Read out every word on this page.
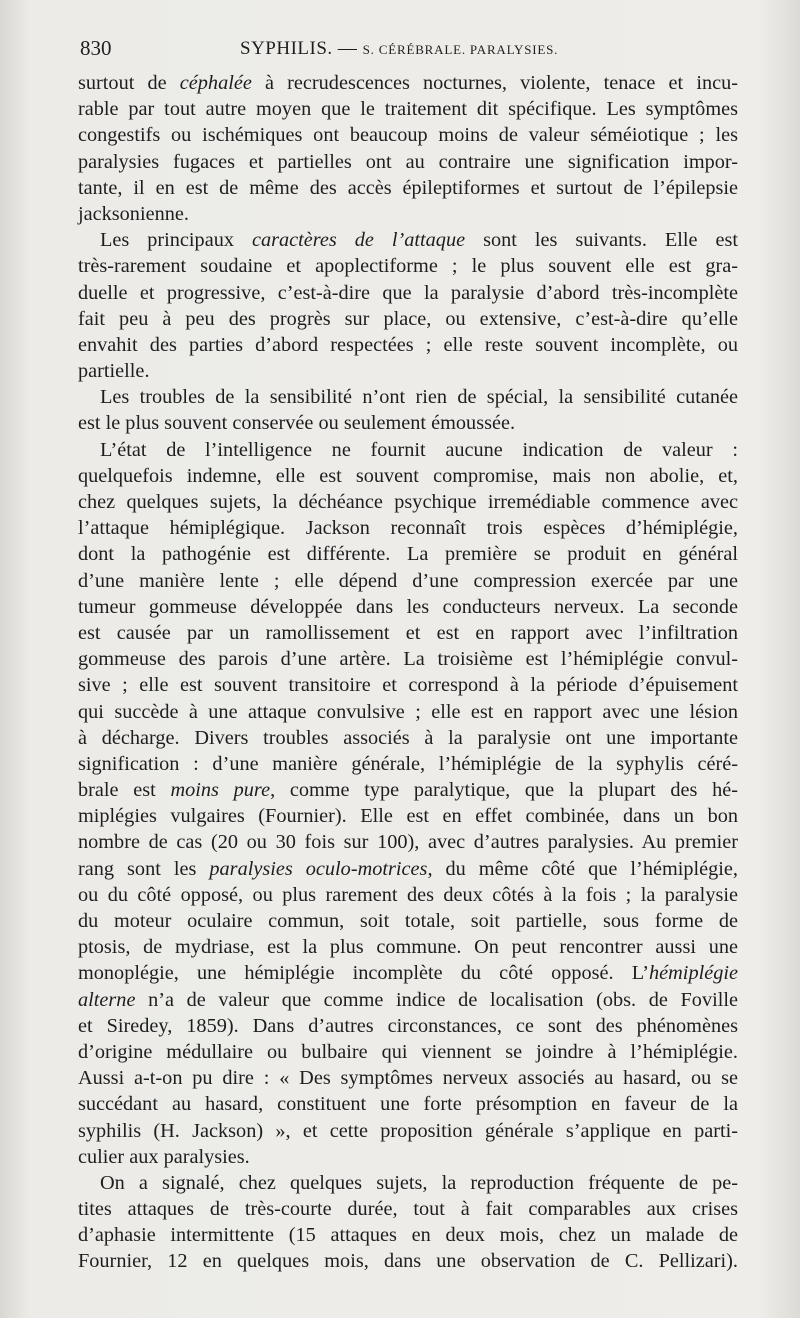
830	SYPHILIS. — S. CÉRÉBRALE. PARALYSIES.
surtout de céphalée à recrudescences nocturnes, violente, tenace et incu-
rable par tout autre moyen que le traitement dit spécifique. Les symptômes
congestifs ou ischémiques ont beaucoup moins de valeur séméiotique ; les
paralysies fugaces et partielles ont au contraire une signification impor-
tante, il en est de même des accès épileptiformes et surtout de l’épilepsie
jacksonienne.
Les principaux caractères de l’attaque sont les suivants. Elle est
très-rarement soudaine et apoplectiforme ; le plus souvent elle est gra-
duelle et progressive, c’est-à-dire que la paralysie d’abord très-incomplète
fait peu à peu des progrès sur place, ou extensive, c’est-à-dire qu’elle
envahit des parties d’abord respectées ; elle reste souvent incomplète, ou
partielle.
Les troubles de la sensibilité n’ont rien de spécial, la sensibilité cutanée
est le plus souvent conservée ou seulement émoussée.
L’état de l’intelligence ne fournit aucune indication de valeur :
quelquefois indemne, elle est souvent compromise, mais non abolie, et,
chez quelques sujets, la déchéance psychique irremédiable commence avec
l’attaque hémiplégique. Jackson reconnaît trois espèces d’hémiplégie,
dont la pathogénie est différente. La première se produit en général
d’une manière lente ; elle dépend d’une compression exercée par une
tumeur gommeuse développée dans les conducteurs nerveux. La seconde
est causée par un ramollissement et est en rapport avec l’infiltration
gommeuse des parois d’une artère. La troisième est l’hémiplégie convul-
sive ; elle est souvent transitoire et correspond à la période d’épuisement
qui succède à une attaque convulsive ; elle est en rapport avec une lésion
à décharge. Divers troubles associés à la paralysie ont une importante
signification : d’une manière générale, l’hémiplégie de la syphylis céré-
brale est moins pure, comme type paralytique, que la plupart des hé-
miplégies vulgaires (Fournier). Elle est en effet combinée, dans un bon
nombre de cas (20 ou 30 fois sur 100), avec d’autres paralysies. Au premier
rang sont les paralysies oculo-motrices, du même côté que l’hémiplégie,
ou du côté opposé, ou plus rarement des deux côtés à la fois ; la paralysie
du moteur oculaire commun, soit totale, soit partielle, sous forme de
ptosis, de mydriase, est la plus commune. On peut rencontrer aussi une
monoplégie, une hémiplégie incomplète du côté opposé. L’hémiplégie
alterne n’a de valeur que comme indice de localisation (obs. de Foville
et Siredey, 1859). Dans d’autres circonstances, ce sont des phénomènes
d’origine médullaire ou bulbaire qui viennent se joindre à l’hémiplégie.
Aussi a-t-on pu dire : « Des symptômes nerveux associés au hasard, ou se
succédant au hasard, constituent une forte présomption en faveur de la
syphilis (H. Jackson) », et cette proposition générale s’applique en parti-
culier aux paralysies.
On a signalé, chez quelques sujets, la reproduction fréquente de pe-
tites attaques de très-courte durée, tout à fait comparables aux crises
d’aphasie intermittente (15 attaques en deux mois, chez un malade de
Fournier, 12 en quelques mois, dans une observation de C. Pellizari).
